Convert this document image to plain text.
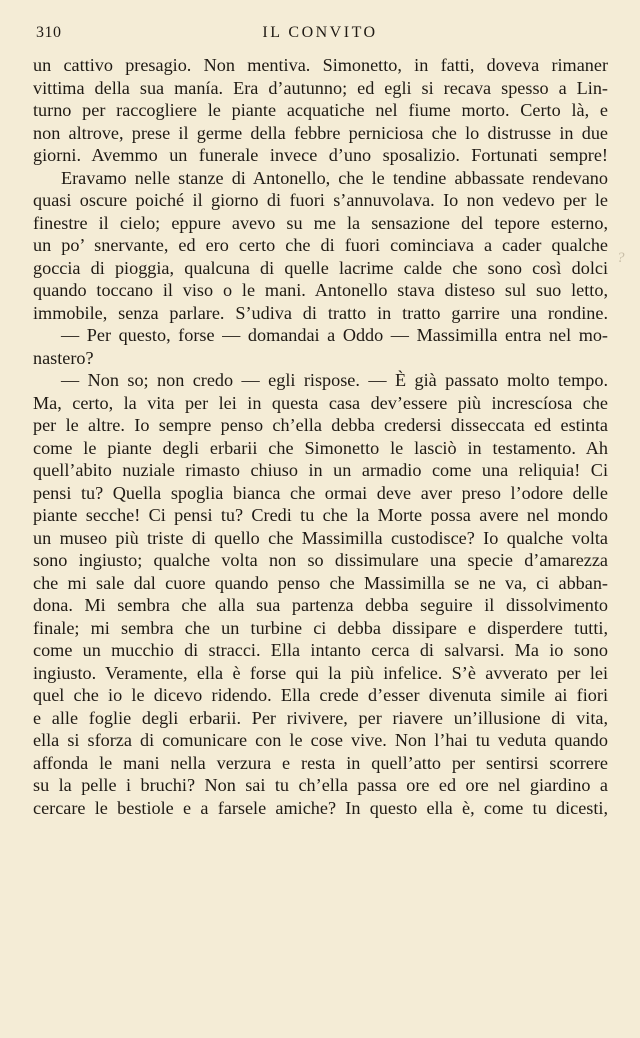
310	IL CONVITO
un cattivo presagio. Non mentiva. Simonetto, in fatti, doveva rimaner
vittima della sua manía. Era d’autunno; ed egli si recava spesso a Lin-
turno per raccogliere le piante acquatiche nel fiume morto. Certo là, e
non altrove, prese il germe della febbre perniciosa che lo distrusse in due
giorni. Avemmo un funerale invece d’uno sposalizio. Fortunati sempre!
Eravamo nelle stanze di Antonello, che le tendine abbassate rendevano
quasi oscure poiché il giorno di fuori s’annuvolava. Io non vedevo per le
finestre il cielo; eppure avevo su me la sensazione del tepore esterno,
un po’ snervante, ed ero certo che di fuori cominciava a cader qualche
goccia di pioggia, qualcuna di quelle lacrime calde che sono così dolci
quando toccano il viso o le mani. Antonello stava disteso sul suo letto,
immobile, senza parlare. S’udiva di tratto in tratto garrire una rondine.
— Per questo, forse — domandai a Oddo — Massimilla entra nel mo-
nastero?
— Non so; non credo — egli rispose. — È già passato molto tempo.
Ma, certo, la vita per lei in questa casa dev’essere più increscíosa che
per le altre. Io sempre penso ch’ella debba credersi disseccata ed estinta
come le piante degli erbarii che Simonetto le lasciò in testamento. Ah
quell’abito nuziale rimasto chiuso in un armadio come una reliquia! Ci
pensi tu? Quella spoglia bianca che ormai deve aver preso l’odore delle
piante secche! Ci pensi tu? Credi tu che la Morte possa avere nel mondo
un museo più triste di quello che Massimilla custodisce? Io qualche volta
sono ingiusto; qualche volta non so dissimulare una specie d’amarezza
che mi sale dal cuore quando penso che Massimilla se ne va, ci abban-
dona. Mi sembra che alla sua partenza debba seguire il dissolvimento
finale; mi sembra che un turbine ci debba dissipare e disperdere tutti,
come un mucchio di stracci. Ella intanto cerca di salvarsi. Ma io sono
ingiusto. Veramente, ella è forse qui la più infelice. S’è avverato per lei
quel che io le dicevo ridendo. Ella crede d’esser divenuta simile ai fiori
e alle foglie degli erbarii. Per rivivere, per riavere un’illusione di vita,
ella si sforza di comunicare con le cose vive. Non l’hai tu veduta quando
affonda le mani nella verzura e resta in quell’atto per sentirsi scorrere
su la pelle i bruchi? Non sai tu ch’ella passa ore ed ore nel giardino a
cercare le bestiole e a farsele amiche? In questo ella è, come tu dicesti,
?
